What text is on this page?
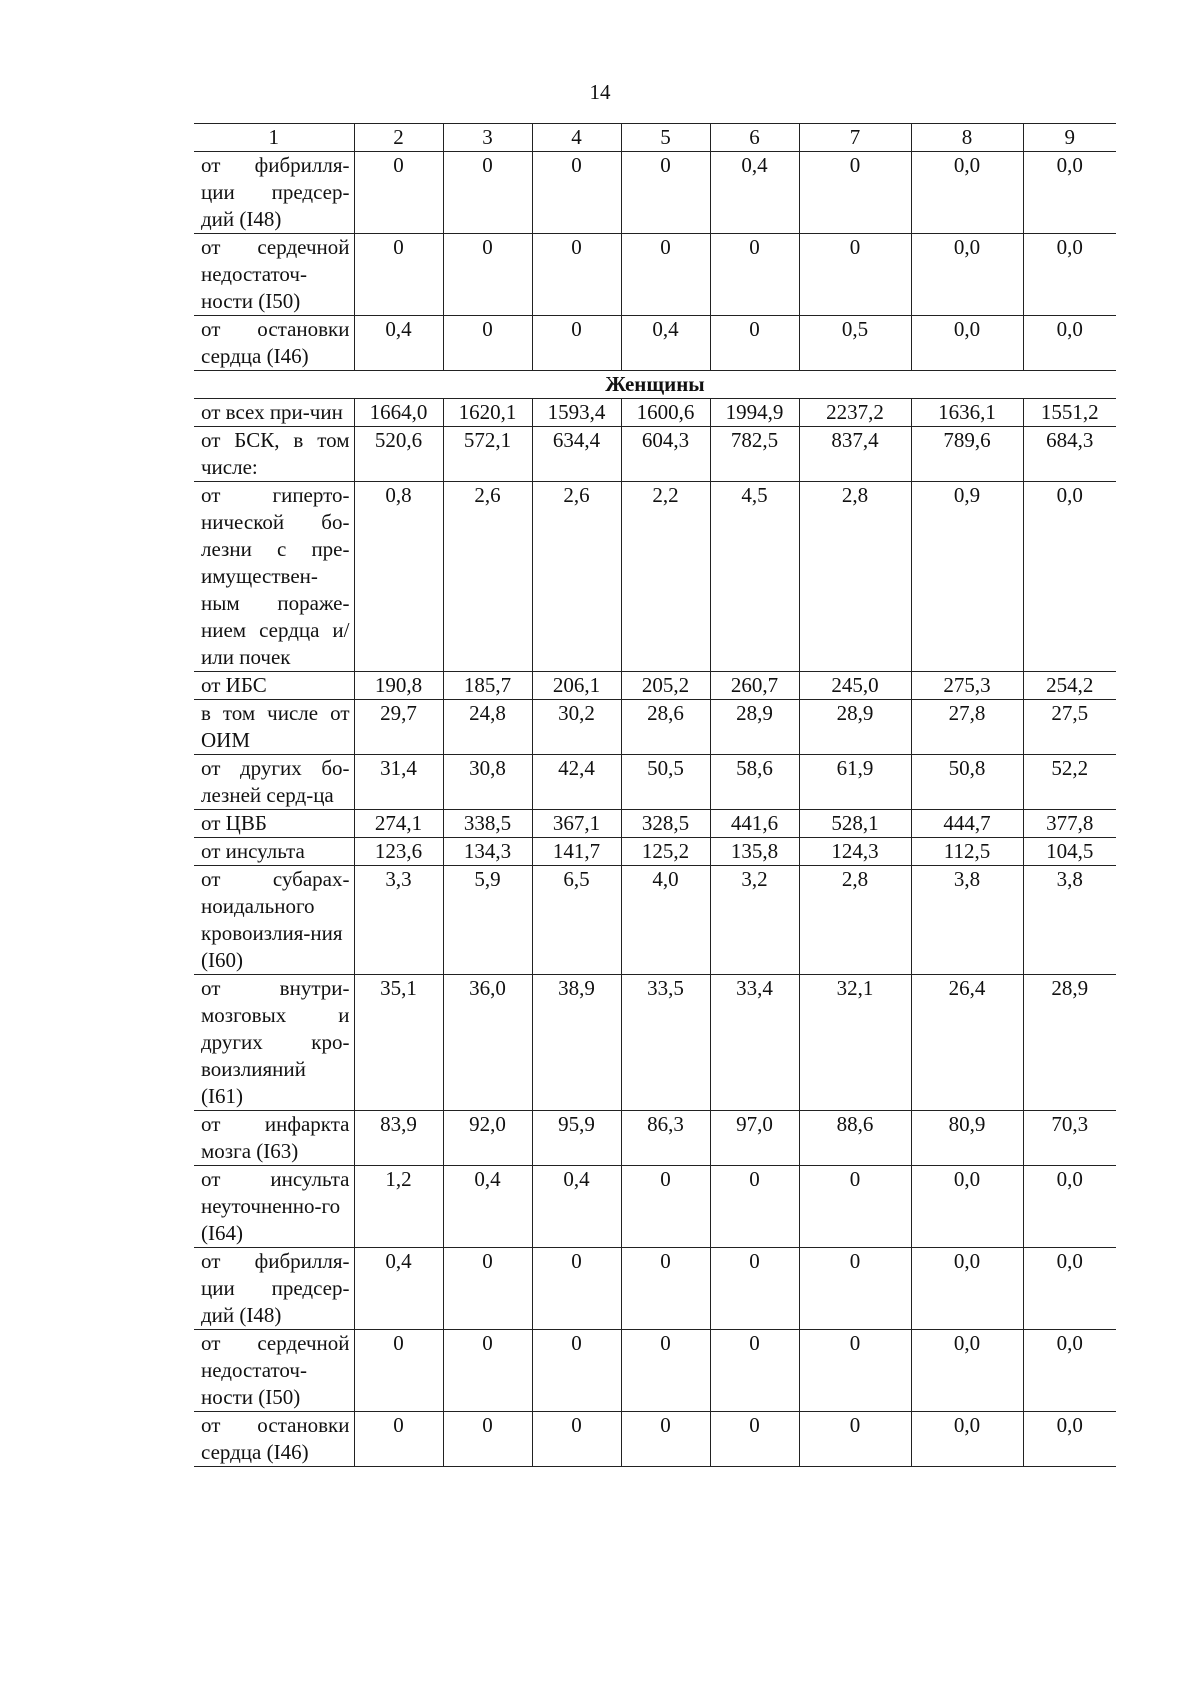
14
1	2	3	4	5	6	7	8	9
от фибрилля-ции предсер-дий (I48)	0	0	0	0	0,4	0	0,0	0,0
от сердечной недостаточ-ности (I50)	0	0	0	0	0	0	0,0	0,0
от остановки сердца (I46)	0,4	0	0	0,4	0	0,5	0,0	0,0
Женщины								
от всех при-чин	1664,0	1620,1	1593,4	1600,6	1994,9	2237,2	1636,1	1551,2
от БСК, в том числе:	520,6	572,1	634,4	604,3	782,5	837,4	789,6	684,3
от гиперто-нической бо-лезни с пре-имуществен-ным пораже-нием сердца и/или почек	0,8	2,6	2,6	2,2	4,5	2,8	0,9	0,0
от ИБС	190,8	185,7	206,1	205,2	260,7	245,0	275,3	254,2
в том числе от ОИМ	29,7	24,8	30,2	28,6	28,9	28,9	27,8	27,5
от других бо-лезней серд-ца	31,4	30,8	42,4	50,5	58,6	61,9	50,8	52,2
от ЦВБ	274,1	338,5	367,1	328,5	441,6	528,1	444,7	377,8
от инсульта	123,6	134,3	141,7	125,2	135,8	124,3	112,5	104,5
от субарах-ноидального кровоизлия-ния (I60)	3,3	5,9	6,5	4,0	3,2	2,8	3,8	3,8
от внутри-мозговых и других кро-воизлияний (I61)	35,1	36,0	38,9	33,5	33,4	32,1	26,4	28,9
от инфаркта мозга (I63)	83,9	92,0	95,9	86,3	97,0	88,6	80,9	70,3
от инсульта неуточненно-го (I64)	1,2	0,4	0,4	0	0	0	0,0	0,0
от фибрилля-ции предсер-дий (I48)	0,4	0	0	0	0	0	0,0	0,0
от сердечной недостаточ-ности (I50)	0	0	0	0	0	0	0,0	0,0
от остановки сердца (I46)	0	0	0	0	0	0	0,0	0,0
